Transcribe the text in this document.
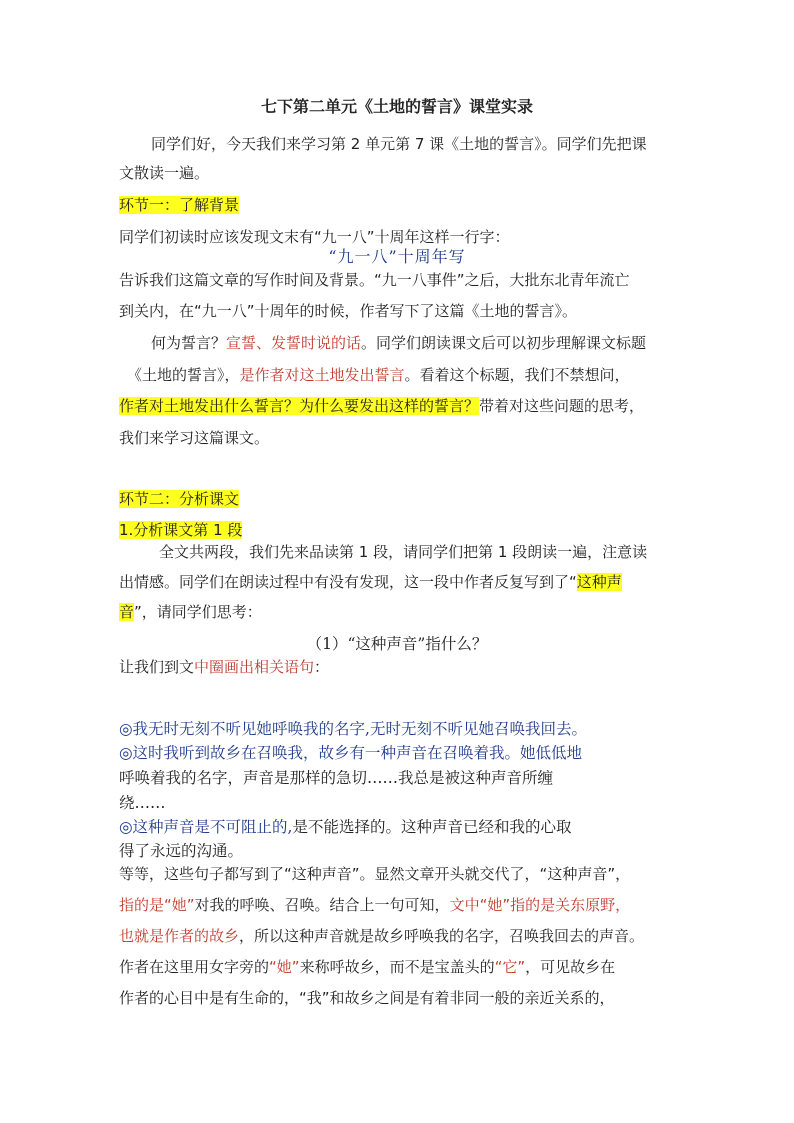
七下第二单元《土地的誓言》课堂实录
同学们好，今天我们来学习第 2 单元第 7 课《土地的誓言》。同学们先把课
文散读一遍。
环节一：了解背景
同学们初读时应该发现文末有“九一八”十周年这样一行字：
“九一八”十周年写
告诉我们这篇文章的写作时间及背景。“九一八事件”之后，大批东北青年流亡
到关内，在“九一八”十周年的时候，作者写下了这篇《土地的誓言》。
何为誓言？宣誓、发誓时说的话。同学们朗读课文后可以初步理解课文标题
《土地的誓言》，是作者对这土地发出誓言。看着这个标题，我们不禁想问，
作者对土地发出什么誓言？为什么要发出这样的誓言？带着对这些问题的思考，
我们来学习这篇课文。
环节二：分析课文
1.分析课文第 1 段
全文共两段，我们先来品读第 1 段，请同学们把第 1 段朗读一遍，注意读
出情感。同学们在朗读过程中有没有发现，这一段中作者反复写到了“这种声
音”，请同学们思考：
（1）“这种声音”指什么？
让我们到文中圈画出相关语句：
◎我无时无刻不听见她呼唤我的名字,无时无刻不听见她召唤我回去。
◎这时我听到故乡在召唤我，故乡有一种声音在召唤着我。她低低地
呼唤着我的名字，声音是那样的急切……我总是被这种声音所缠
绕……
◎这种声音是不可阻止的,是不能选择的。这种声音已经和我的心取
得了永远的沟通。
等等，这些句子都写到了“这种声音”。显然文章开头就交代了，“这种声音”，
指的是“她”对我的呼唤、召唤。结合上一句可知，文中“她”指的是关东原野，
也就是作者的故乡，所以这种声音就是故乡呼唤我的名字，召唤我回去的声音。
作者在这里用女字旁的“她”来称呼故乡，而不是宝盖头的“它”，可见故乡在
作者的心目中是有生命的，“我”和故乡之间是有着非同一般的亲近关系的，
